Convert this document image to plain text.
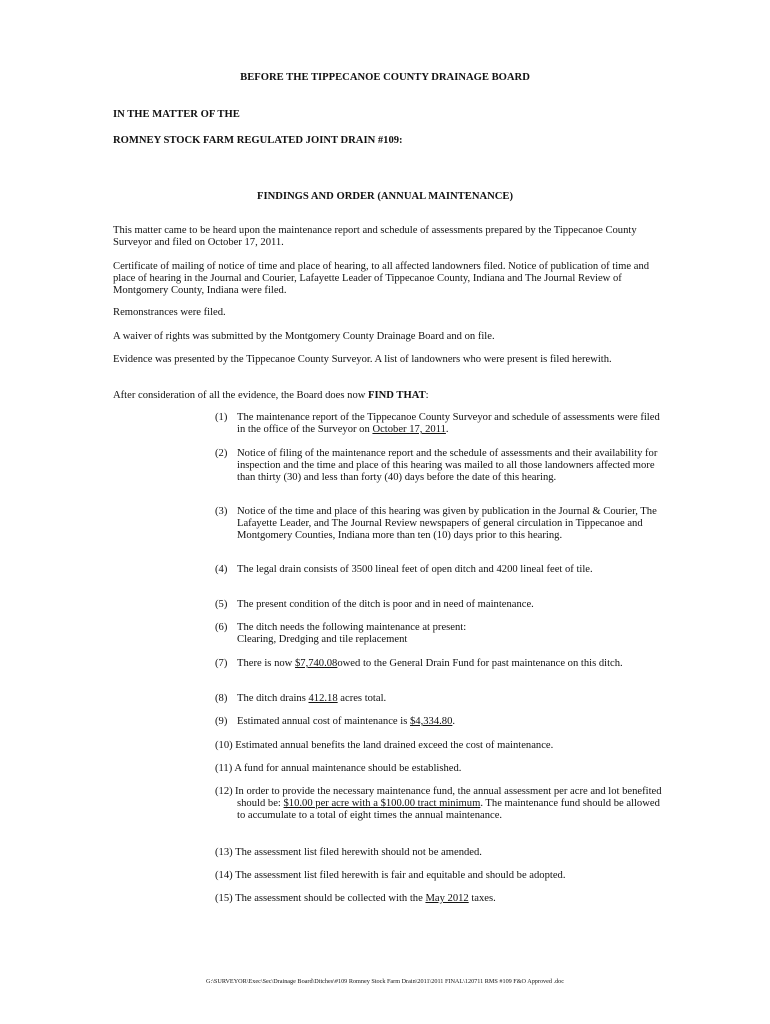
BEFORE THE TIPPECANOE COUNTY DRAINAGE BOARD
IN THE MATTER OF THE
ROMNEY STOCK FARM REGULATED JOINT DRAIN #109:
FINDINGS AND ORDER (ANNUAL MAINTENANCE)
This matter came to be heard upon the maintenance report and schedule of assessments prepared by the Tippecanoe County Surveyor and filed on October 17, 2011.
Certificate of mailing of notice of time and place of hearing, to all affected landowners filed. Notice of publication of time and place of hearing in the Journal and Courier, Lafayette Leader of Tippecanoe County, Indiana and The Journal Review of Montgomery County, Indiana were filed.
Remonstrances were filed.
A waiver of rights was submitted by the Montgomery County Drainage Board and on file.
Evidence was presented by the Tippecanoe County Surveyor. A list of landowners who were present is filed herewith.
After consideration of all the evidence, the Board does now FIND THAT:
(1) The maintenance report of the Tippecanoe County Surveyor and schedule of assessments were filed in the office of the Surveyor on October 17, 2011.
(2) Notice of filing of the maintenance report and the schedule of assessments and their availability for inspection and the time and place of this hearing was mailed to all those landowners affected more than thirty (30) and less than forty (40) days before the date of this hearing.
(3) Notice of the time and place of this hearing was given by publication in the Journal & Courier, The Lafayette Leader, and The Journal Review newspapers of general circulation in Tippecanoe and Montgomery Counties, Indiana more than ten (10) days prior to this hearing.
(4) The legal drain consists of 3500 lineal feet of open ditch and 4200 lineal feet of tile.
(5) The present condition of the ditch is poor and in need of maintenance.
(6) The ditch needs the following maintenance at present:
Clearing, Dredging and tile replacement
(7) There is now $7,740.08owed to the General Drain Fund for past maintenance on this ditch.
(8) The ditch drains 412.18 acres total.
(9) Estimated annual cost of maintenance is $4,334.80.
(10) Estimated annual benefits the land drained exceed the cost of maintenance.
(11) A fund for annual maintenance should be established.
(12) In order to provide the necessary maintenance fund, the annual assessment per acre and lot benefited should be: $10.00 per acre with a $100.00 tract minimum. The maintenance fund should be allowed to accumulate to a total of eight times the annual maintenance.
(13) The assessment list filed herewith should not be amended.
(14) The assessment list filed herewith is fair and equitable and should be adopted.
(15) The assessment should be collected with the May 2012 taxes.
G:\SURVEYOR\Exec\Sec\Drainage Board\Ditches\#109 Romney Stock Farm Drain\2011\2011 FINAL\120711 RMS #109 F&O Approved .doc
